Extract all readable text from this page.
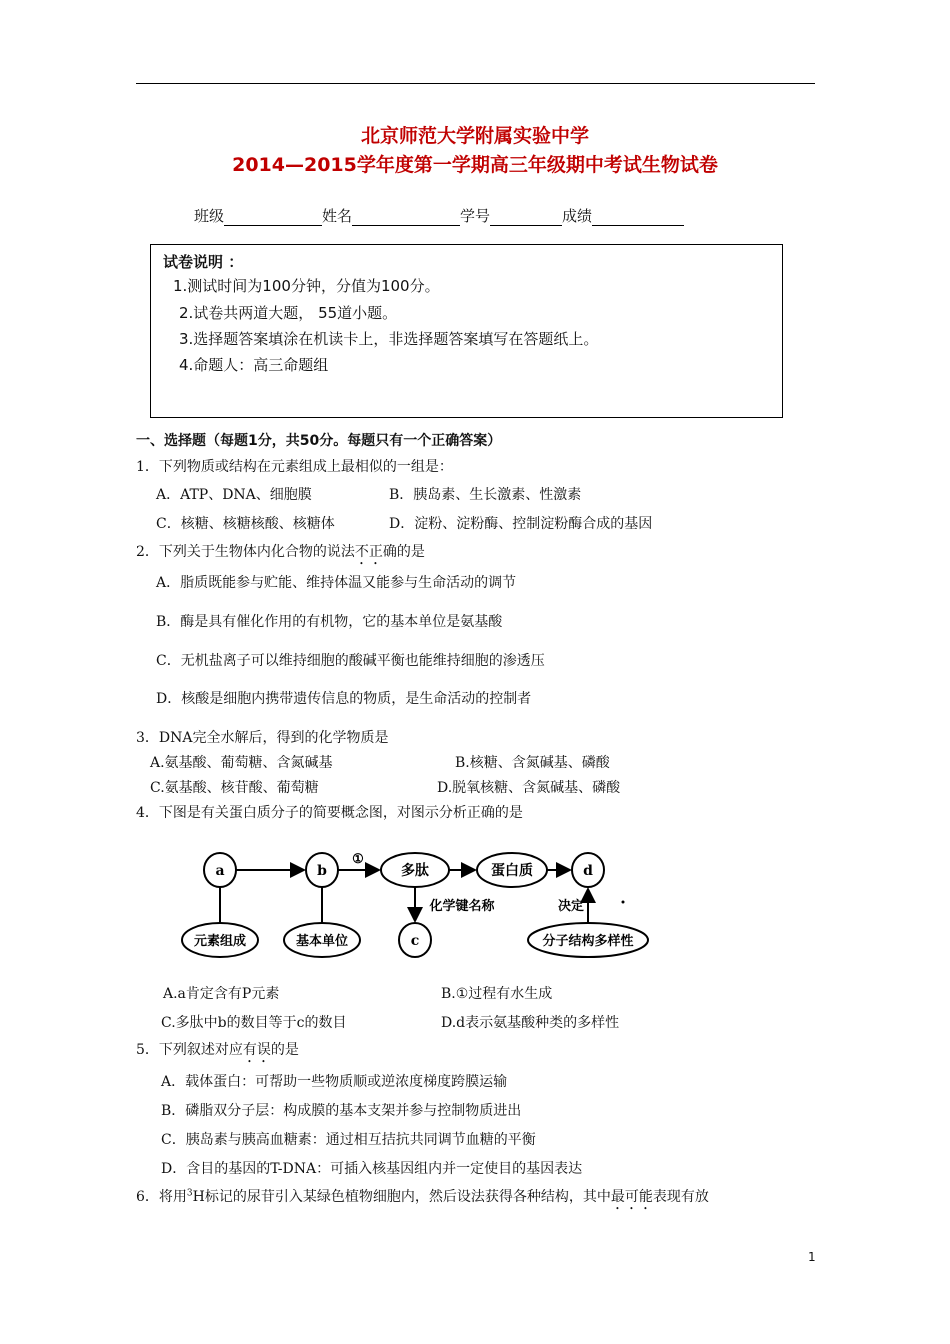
北京师范大学附属实验中学
2014—2015学年度第一学期高三年级期中考试生物试卷
班级	姓名	学号	成绩
试卷说明 ：
1.测试时间为100分钟，分值为100分。
2.试卷共两道大题， 55道小题。
3.选择题答案填涂在机读卡上，非选择题答案填写在答题纸上。
4.命题人：高三命题组
一、选择题（每题1分，共50分。每题只有一个正确答案）
1．下列物质或结构在元素组成上最相似的一组是：
A．ATP、DNA、细胞膜	B．胰岛素、生长激素、性激素
C．核糖、核糖核酸、核糖体	D．淀粉、淀粉酶、控制淀粉酶合成的基因
2．下列关于生物体内化合物的说法不正确的是
A．脂质既能参与贮能、维持体温又能参与生命活动的调节
B．酶是具有催化作用的有机物，它的基本单位是氨基酸
C．无机盐离子可以维持细胞的酸碱平衡也能维持细胞的渗透压
D．核酸是细胞内携带遗传信息的物质，是生命活动的控制者
3．DNA完全水解后，得到的化学物质是
A.氨基酸、葡萄糖、含氮碱基	B.核糖、含氮碱基、磷酸
C.氨基酸、核苷酸、葡萄糖	D.脱氧核糖、含氮碱基、磷酸
4．下图是有关蛋白质分子的简要概念图，对图示分析正确的是
a	b	多肽	蛋白质	d
c
①
元素组成	基本单位	分子结构多样性
化学键名称	决定
A.a肯定含有P元素	B.①过程有水生成
C.多肽中b的数目等于c的数目	D.d表示氨基酸种类的多样性
5．下列叙述对应有误的是
A．载体蛋白：可帮助一些物质顺或逆浓度梯度跨膜运输
B．磷脂双分子层：构成膜的基本支架并参与控制物质进出
C．胰岛素与胰高血糖素：通过相互拮抗共同调节血糖的平衡
D．含目的基因的T-DNA：可插入核基因组内并一定使目的基因表达
6．将用$^3$H标记的尿苷引入某绿色植物细胞内，然后设法获得各种结构，其中最可能表现有放
1
